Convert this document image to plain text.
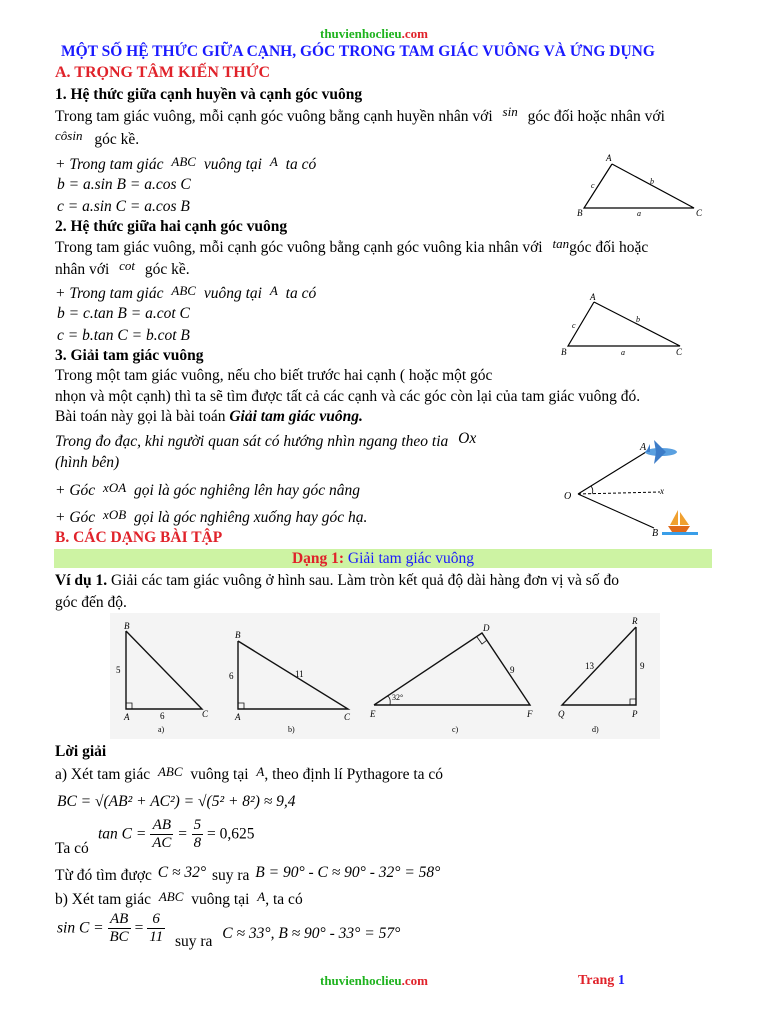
thuvienhoclieu.com
MỘT SỐ HỆ THỨC GIỮA CẠNH, GÓC TRONG TAM GIÁC VUÔNG VÀ ỨNG DỤNG
A. TRỌNG TÂM KIẾN THỨC
1. Hệ thức giữa cạnh huyền và cạnh góc vuông
Trong tam giác vuông, mỗi cạnh góc vuông bằng cạnh huyền nhân với $^{sin}$ góc đối hoặc nhân với
$^{côsin}$ góc kề.
+ Trong tam giác ABC vuông tại A ta có
b = a.sin B = a.cos C
c = a.sin C = a.cos B
A
B	C
a
b
c
2. Hệ thức giữa hai cạnh góc vuông
Trong tam giác vuông, mỗi cạnh góc vuông bằng cạnh góc vuông kia nhân với $^{tan}$góc đối hoặc
nhân với $^{cot}$ góc kề.
+ Trong tam giác ABC vuông tại A ta có
b = c.tan B = a.cot C
c = b.tan C = b.cot B
A
B	C
a
b
c
3. Giải tam giác vuông
Trong một tam giác vuông, nếu cho biết trước hai cạnh ( hoặc một góc
nhọn và một cạnh) thì ta sẽ tìm được tất cả các cạnh và các góc còn lại của tam giác vuông đó.
Bài toán này gọi là bài toán Giải tam giác vuông.
Trong đo đạc, khi người quan sát có hướng nhìn ngang theo tia Ox
(hình bên)
+ Góc xOA gọi là góc nghiêng lên hay góc nâng
+ Góc xOB gọi là góc nghiêng xuống hay góc hạ.
A
O	x
B
B. CÁC DẠNG BÀI TẬP
Dạng 1: Giải tam giác vuông
Ví dụ 1. Giải các tam giác vuông ở hình sau. Làm tròn kết quả độ dài hàng đơn vị và số đo
góc đến độ.
B
A	C
5
6
a)
B
A	C
6	11
b)
D
E	F
9
32°
c)
R
Q	P
13	9
d)
Lời giải
a) Xét tam giác ABC vuông tại A, theo định lí Pythagore ta có
BC = √(AB² + AC²) = √(5² + 8²) ≈ 9,4
Ta có
$\tan C = \frac{AB}{AC} = \frac{5}{8} = 0,625$
Từ đó tìm được C ≈ 32° suy ra B = 90° - C ≈ 90° - 32° = 58°
b) Xét tam giác ABC vuông tại A, ta có
$\sin C = \frac{AB}{BC} = \frac{6}{11}$ suy ra C ≈ 33°, B ≈ 90° - 33° = 57°
thuvienhoclieu.com	Trang 1
